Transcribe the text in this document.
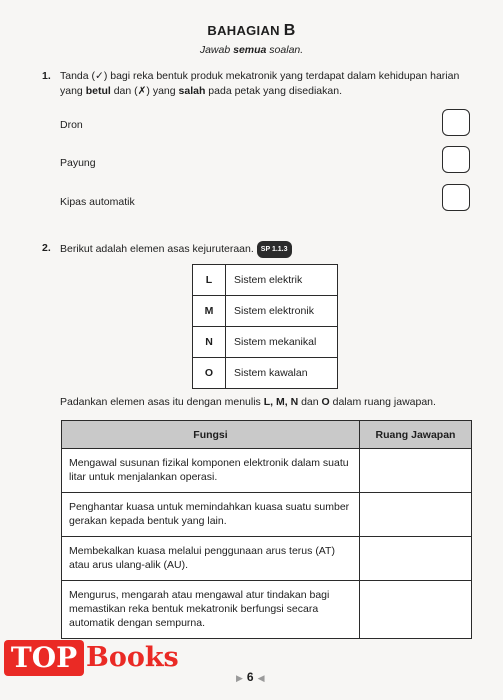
BAHAGIAN B
Jawab semua soalan.
1. Tanda (✓) bagi reka bentuk produk mekatronik yang terdapat dalam kehidupan harian yang betul dan (✗) yang salah pada petak yang disediakan.
Dron
Payung
Kipas automatik
2. Berikut adalah elemen asas kejuruteraan. SP 1.1.3
L	Sistem elektrik
M	Sistem elektronik
N	Sistem mekanikal
O	Sistem kawalan
Padankan elemen asas itu dengan menulis L, M, N dan O dalam ruang jawapan.
Fungsi	Ruang Jawapan
Mengawal susunan fizikal komponen elektronik dalam suatu litar untuk menjalankan operasi.	
Penghantar kuasa untuk memindahkan kuasa suatu sumber gerakan kepada bentuk yang lain.	
Membekalkan kuasa melalui penggunaan arus terus (AT) atau arus ulang-alik (AU).	
Mengurus, mengarah atau mengawal atur tindakan bagi memastikan reka bentuk mekatronik berfungsi secara automatik dengan sempurna.	
▶ 6 ◀
TOP Books
